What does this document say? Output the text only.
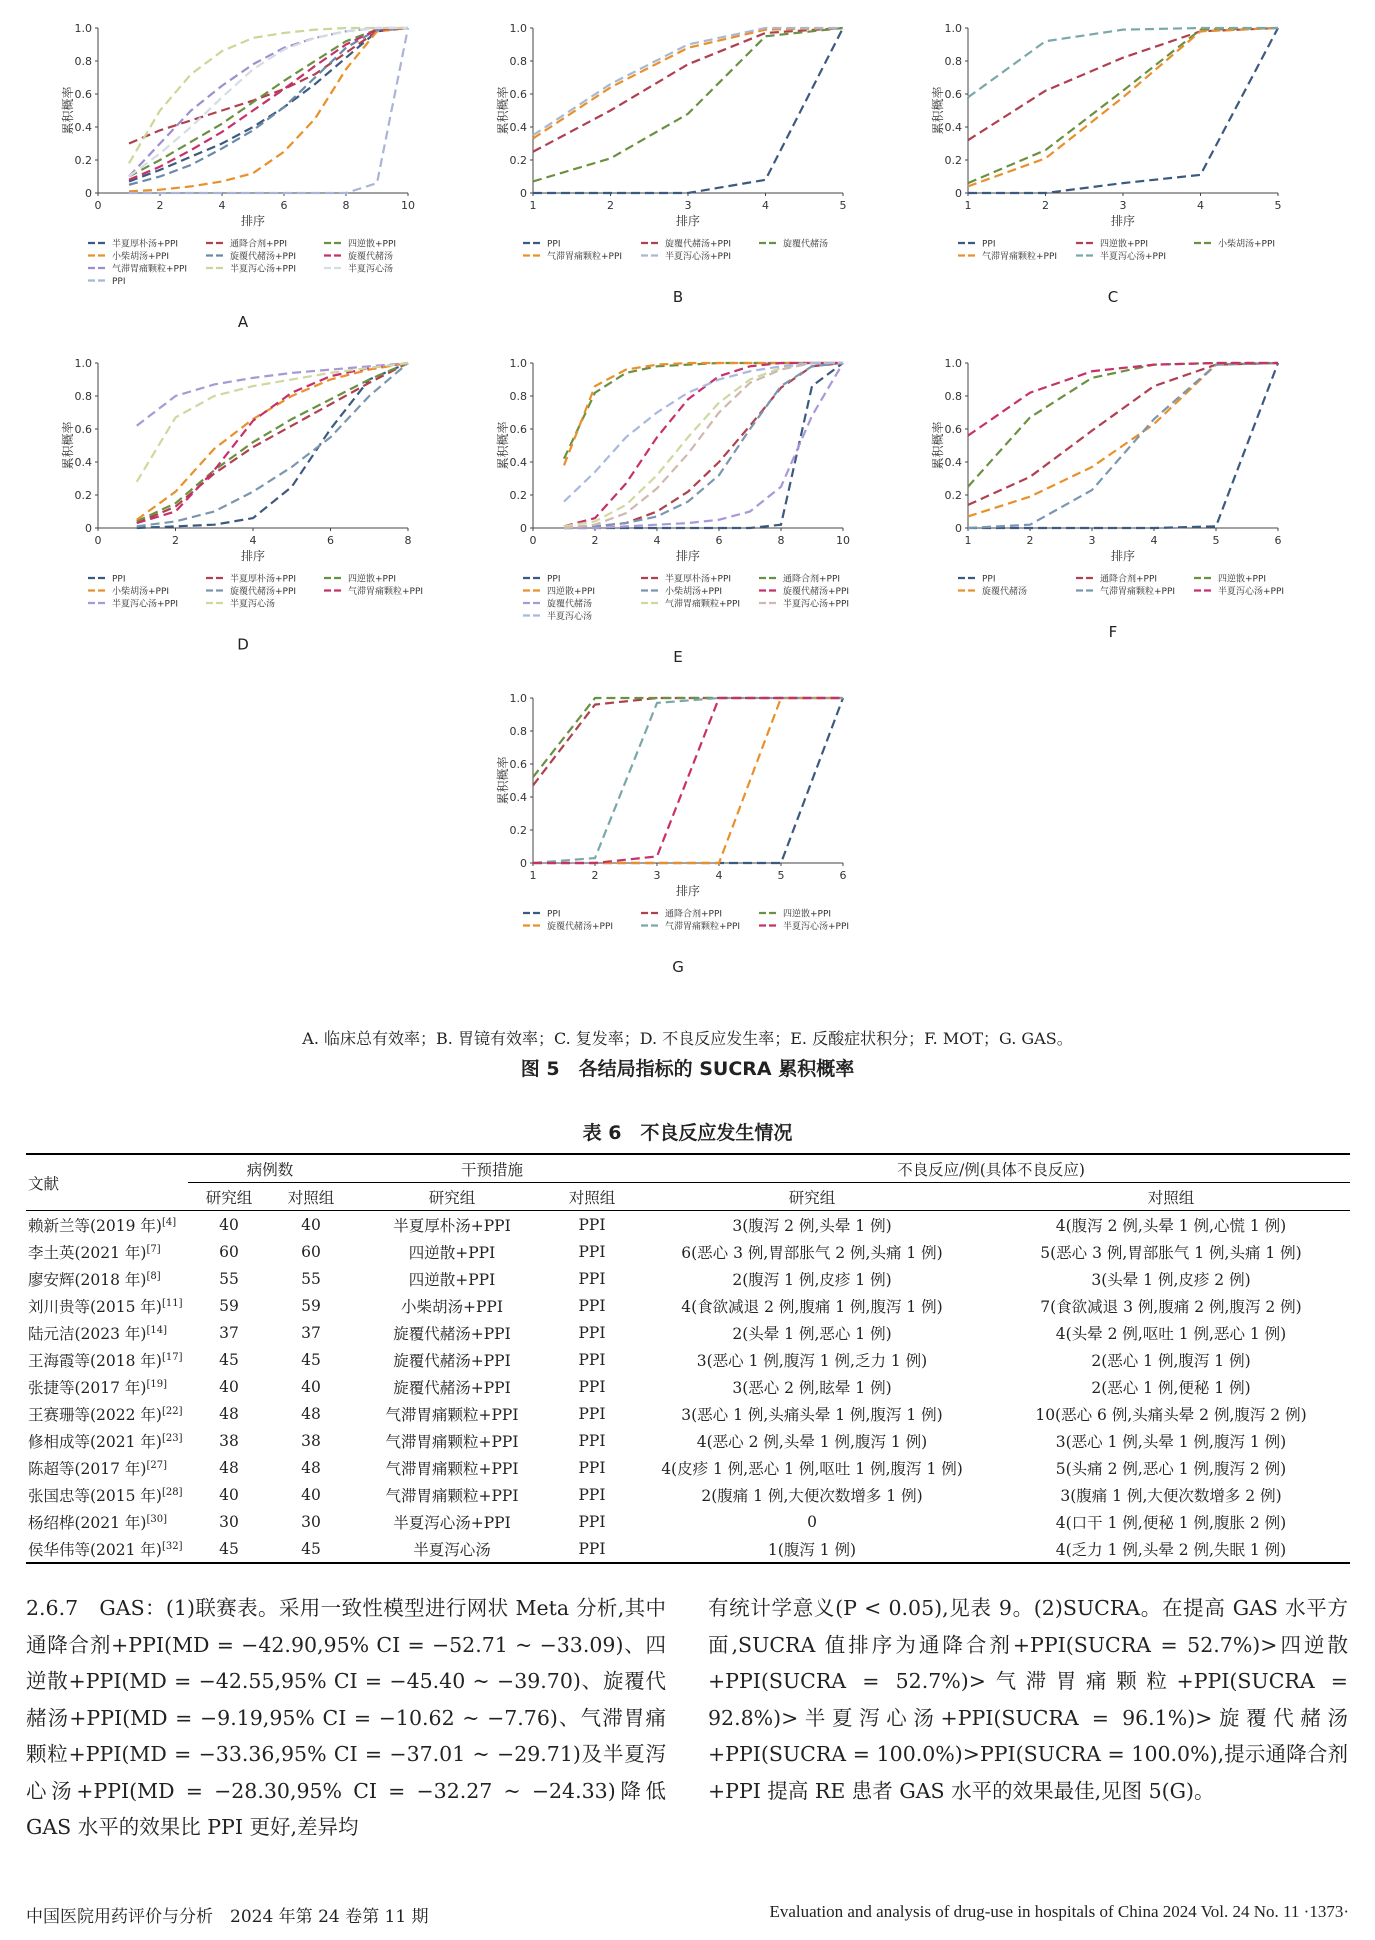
0
0.2
0.4
0.6
0.8
1.0
0	2	4	6	8	10
累积概率
排序
半夏厚朴汤+PPI	通降合剂+PPI	四逆散+PPI
小柴胡汤+PPI	旋覆代赭汤+PPI	旋覆代赭汤
气滞胃痛颗粒+PPI	半夏泻心汤+PPI	半夏泻心汤
PPI
A
0
0.2
0.4
0.6
0.8
1.0
1	2	3	4	5
累积概率
排序
PPI	旋覆代赭汤+PPI	旋覆代赭汤
气滞胃痛颗粒+PPI	半夏泻心汤+PPI
B
0
0.2
0.4
0.6
0.8
1.0
1	2	3	4	5
累积概率
排序
PPI	四逆散+PPI	小柴胡汤+PPI
气滞胃痛颗粒+PPI	半夏泻心汤+PPI
C
0
0.2
0.4
0.6
0.8
1.0
0	2	4	6	8
累积概率
排序
PPI	半夏厚朴汤+PPI	四逆散+PPI
小柴胡汤+PPI	旋覆代赭汤+PPI	气滞胃痛颗粒+PPI
半夏泻心汤+PPI	半夏泻心汤
D
0
0.2
0.4
0.6
0.8
1.0
0	2	4	6	8	10
累积概率
排序
PPI	半夏厚朴汤+PPI	通降合剂+PPI
四逆散+PPI	小柴胡汤+PPI	旋覆代赭汤+PPI
旋覆代赭汤	气滞胃痛颗粒+PPI	半夏泻心汤+PPI
半夏泻心汤
E
0
0.2
0.4
0.6
0.8
1.0
1	2	3	4	5	6
累积概率
排序
PPI	通降合剂+PPI	四逆散+PPI
旋覆代赭汤	气滞胃痛颗粒+PPI	半夏泻心汤+PPI
F
0
0.2
0.4
0.6
0.8
1.0
1	2	3	4	5	6
累积概率
排序
PPI	通降合剂+PPI	四逆散+PPI
旋覆代赭汤+PPI	气滞胃痛颗粒+PPI	半夏泻心汤+PPI
G
A. 临床总有效率；B. 胃镜有效率；C. 复发率；D. 不良反应发生率；E. 反酸症状积分；F. MOT；G. GAS。
图 5　各结局指标的 SUCRA 累积概率
表 6　不良反应发生情况
文献	病例数		干预措施		不良反应/例(具体不良反应)	
	研究组	对照组	研究组	对照组	研究组	对照组
赖新兰等(2019 年)[4]	40	40	半夏厚朴汤+PPI	PPI	3(腹泻 2 例,头晕 1 例)	4(腹泻 2 例,头晕 1 例,心慌 1 例)
李土英(2021 年)[7]	60	60	四逆散+PPI	PPI	6(恶心 3 例,胃部胀气 2 例,头痛 1 例)	5(恶心 3 例,胃部胀气 1 例,头痛 1 例)
廖安辉(2018 年)[8]	55	55	四逆散+PPI	PPI	2(腹泻 1 例,皮疹 1 例)	3(头晕 1 例,皮疹 2 例)
刘川贵等(2015 年)[11]	59	59	小柴胡汤+PPI	PPI	4(食欲减退 2 例,腹痛 1 例,腹泻 1 例)	7(食欲减退 3 例,腹痛 2 例,腹泻 2 例)
陆元洁(2023 年)[14]	37	37	旋覆代赭汤+PPI	PPI	2(头晕 1 例,恶心 1 例)	4(头晕 2 例,呕吐 1 例,恶心 1 例)
王海霞等(2018 年)[17]	45	45	旋覆代赭汤+PPI	PPI	3(恶心 1 例,腹泻 1 例,乏力 1 例)	2(恶心 1 例,腹泻 1 例)
张捷等(2017 年)[19]	40	40	旋覆代赭汤+PPI	PPI	3(恶心 2 例,眩晕 1 例)	2(恶心 1 例,便秘 1 例)
王赛珊等(2022 年)[22]	48	48	气滞胃痛颗粒+PPI	PPI	3(恶心 1 例,头痛头晕 1 例,腹泻 1 例)	10(恶心 6 例,头痛头晕 2 例,腹泻 2 例)
修相成等(2021 年)[23]	38	38	气滞胃痛颗粒+PPI	PPI	4(恶心 2 例,头晕 1 例,腹泻 1 例)	3(恶心 1 例,头晕 1 例,腹泻 1 例)
陈超等(2017 年)[27]	48	48	气滞胃痛颗粒+PPI	PPI	4(皮疹 1 例,恶心 1 例,呕吐 1 例,腹泻 1 例)	5(头痛 2 例,恶心 1 例,腹泻 2 例)
张国忠等(2015 年)[28]	40	40	气滞胃痛颗粒+PPI	PPI	2(腹痛 1 例,大便次数增多 1 例)	3(腹痛 1 例,大便次数增多 2 例)
杨绍桦(2021 年)[30]	30	30	半夏泻心汤+PPI	PPI	0	4(口干 1 例,便秘 1 例,腹胀 2 例)
侯华伟等(2021 年)[32]	45	45	半夏泻心汤	PPI	1(腹泻 1 例)	4(乏力 1 例,头晕 2 例,失眠 1 例)

2.6.7　GAS：(1)联赛表。采用一致性模型进行网状 Meta 分析,其中通降合剂+PPI(MD = −42.90,95% CI = −52.71 ~ −33.09)、四逆散+PPI(MD = −42.55,95% CI = −45.40 ~ −39.70)、旋覆代赭汤+PPI(MD = −9.19,95% CI = −10.62 ~ −7.76)、气滞胃痛颗粒+PPI(MD = −33.36,95% CI = −37.01 ~ −29.71)及半夏泻心汤+PPI(MD = −28.30,95% CI = −32.27 ~ −24.33)降低 GAS 水平的效果比 PPI 更好,差异均

有统计学意义(P < 0.05),见表 9。(2)SUCRA。在提高 GAS 水平方面,SUCRA 值排序为通降合剂+PPI(SUCRA = 52.7%)>四逆散+PPI(SUCRA = 52.7%)>气滞胃痛颗粒+PPI(SUCRA = 92.8%)>半夏泻心汤+PPI(SUCRA = 96.1%)>旋覆代赭汤+PPI(SUCRA = 100.0%)>PPI(SUCRA = 100.0%),提示通降合剂+PPI 提高 RE 患者 GAS 水平的效果最佳,见图 5(G)。

中国医院用药评价与分析　2024 年第 24 卷第 11 期	Evaluation and analysis of drug-use in hospitals of China 2024 Vol. 24 No. 11 ·1373·
